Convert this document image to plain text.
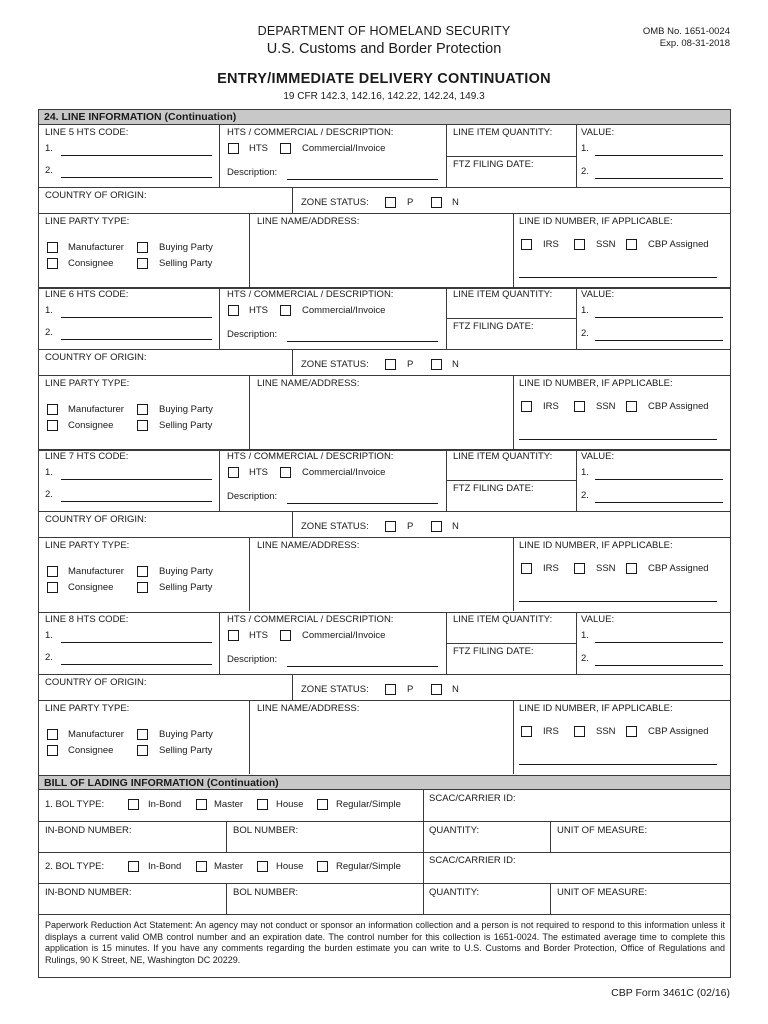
DEPARTMENT OF HOMELAND SECURITY
U.S. Customs and Border Protection
OMB No. 1651-0024
Exp. 08-31-2018
ENTRY/IMMEDIATE DELIVERY CONTINUATION
19 CFR 142.3, 142.16, 142.22, 142.24, 149.3
24. LINE INFORMATION (Continuation)
LINE 5 HTS CODE:
1.
2.
HTS / COMMERCIAL / DESCRIPTION:
HTS	Commercial/Invoice
Description:
LINE ITEM QUANTITY:
FTZ FILING DATE:
VALUE:
1.
2.
COUNTRY OF ORIGIN:
ZONE STATUS:	P	N
LINE PARTY TYPE:
Manufacturer	Buying Party
Consignee	Selling Party
LINE NAME/ADDRESS:	LINE ID NUMBER, IF APPLICABLE:
IRS	SSN	CBP Assigned
LINE 6 HTS CODE:
1.
2.
HTS / COMMERCIAL / DESCRIPTION:
HTS	Commercial/Invoice
Description:
LINE ITEM QUANTITY:
FTZ FILING DATE:
VALUE:
1.
2.
COUNTRY OF ORIGIN:
ZONE STATUS:	P	N
LINE PARTY TYPE:
Manufacturer	Buying Party
Consignee	Selling Party
LINE NAME/ADDRESS:	LINE ID NUMBER, IF APPLICABLE:
IRS	SSN	CBP Assigned
LINE 7 HTS CODE:
1.
2.
HTS / COMMERCIAL / DESCRIPTION:
HTS	Commercial/Invoice
Description:
LINE ITEM QUANTITY:
FTZ FILING DATE:
VALUE:
1.
2.
COUNTRY OF ORIGIN:
ZONE STATUS:	P	N
LINE PARTY TYPE:
Manufacturer	Buying Party
Consignee	Selling Party
LINE NAME/ADDRESS:	LINE ID NUMBER, IF APPLICABLE:
IRS	SSN	CBP Assigned
LINE 8 HTS CODE:
1.
2.
HTS / COMMERCIAL / DESCRIPTION:
HTS	Commercial/Invoice
Description:
LINE ITEM QUANTITY:
FTZ FILING DATE:
VALUE:
1.
2.
COUNTRY OF ORIGIN:
ZONE STATUS:	P	N
LINE PARTY TYPE:
Manufacturer	Buying Party
Consignee	Selling Party
LINE NAME/ADDRESS:	LINE ID NUMBER, IF APPLICABLE:
IRS	SSN	CBP Assigned
BILL OF LADING INFORMATION (Continuation)
1. BOL TYPE:	In-Bond	Master	House	Regular/Simple
SCAC/CARRIER ID:
IN-BOND NUMBER:	BOL NUMBER:	QUANTITY:	UNIT OF MEASURE:
2. BOL TYPE:	In-Bond	Master	House	Regular/Simple
SCAC/CARRIER ID:
IN-BOND NUMBER:	BOL NUMBER:	QUANTITY:	UNIT OF MEASURE:
Paperwork Reduction Act Statement: An agency may not conduct or sponsor an information collection and a person is not required to respond to this information unless it displays a current valid OMB control number and an expiration date. The control number for this collection is 1651-0024. The estimated average time to complete this application is 15 minutes. If you have any comments regarding the burden estimate you can write to U.S. Customs and Border Protection, Office of Regulations and Rulings, 90 K Street, NE, Washington DC 20229.
CBP Form 3461C (02/16)
